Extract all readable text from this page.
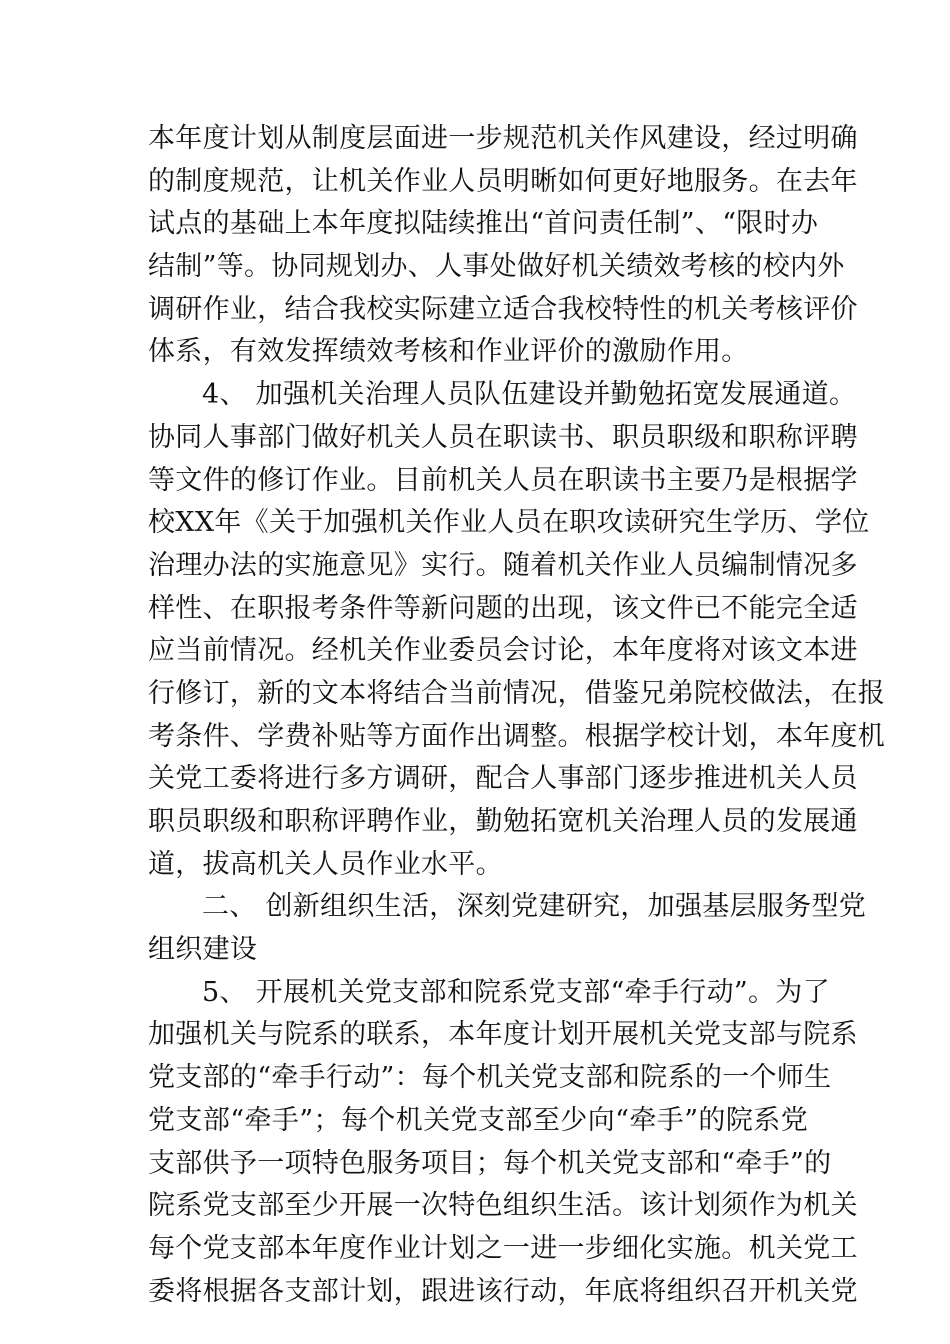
本年度计划从制度层面进一步规范机关作风建设，经过明确
的制度规范，让机关作业人员明晰如何更好地服务。在去年
试点的基础上本年度拟陆续推出“首问责任制”、“限时办
结制”等。协同规划办、人事处做好机关绩效考核的校内外
调研作业，结合我校实际建立适合我校特性的机关考核评价
体系，有效发挥绩效考核和作业评价的激励作用。
4、 加强机关治理人员队伍建设并勤勉拓宽发展通道。
协同人事部门做好机关人员在职读书、职员职级和职称评聘
等文件的修订作业。目前机关人员在职读书主要乃是根据学
校XX年《关于加强机关作业人员在职攻读研究生学历、学位
治理办法的实施意见》实行。随着机关作业人员编制情况多
样性、在职报考条件等新问题的出现，该文件已不能完全适
应当前情况。经机关作业委员会讨论，本年度将对该文本进
行修订，新的文本将结合当前情况，借鉴兄弟院校做法，在报
考条件、学费补贴等方面作出调整。根据学校计划，本年度机
关党工委将进行多方调研，配合人事部门逐步推进机关人员
职员职级和职称评聘作业，勤勉拓宽机关治理人员的发展通
道，拔高机关人员作业水平。
二、 创新组织生活，深刻党建研究，加强基层服务型党
组织建设
5、 开展机关党支部和院系党支部“牵手行动”。为了
加强机关与院系的联系，本年度计划开展机关党支部与院系
党支部的“牵手行动”：每个机关党支部和院系的一个师生
党支部“牵手”；每个机关党支部至少向“牵手”的院系党
支部供予一项特色服务项目；每个机关党支部和“牵手”的
院系党支部至少开展一次特色组织生活。该计划须作为机关
每个党支部本年度作业计划之一进一步细化实施。机关党工
委将根据各支部计划，跟进该行动，年底将组织召开机关党
